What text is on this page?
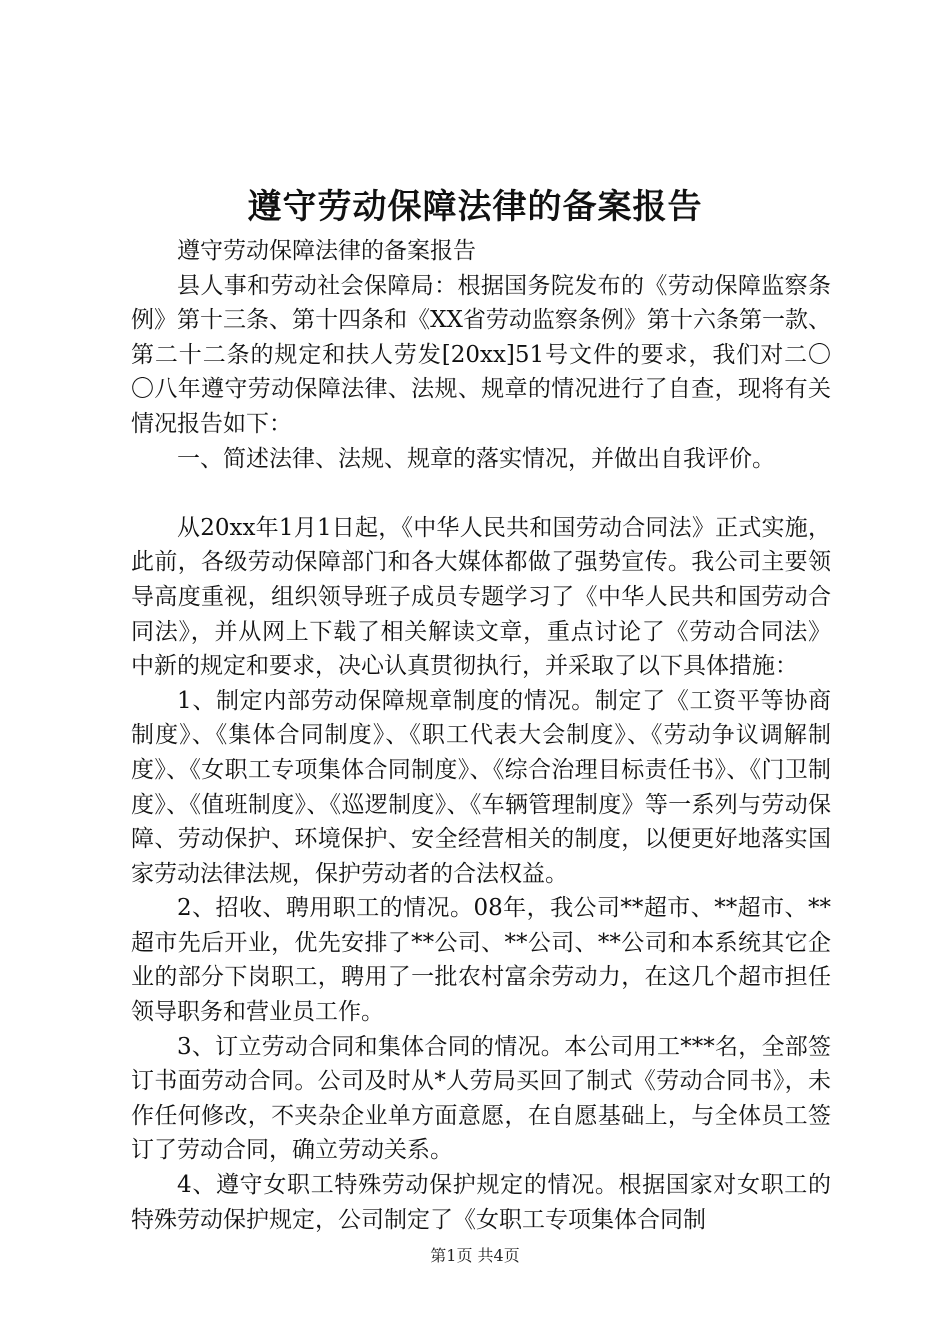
遵守劳动保障法律的备案报告

遵守劳动保障法律的备案报告

县人事和劳动社会保障局：根据国务院发布的《劳动保障监察条例》第十三条、第十四条和《XX省劳动监察条例》第十六条第一款、第二十二条的规定和扶人劳发[20xx]51号文件的要求，我们对二〇〇八年遵守劳动保障法律、法规、规章的情况进行了自查，现将有关情况报告如下：

一、简述法律、法规、规章的落实情况，并做出自我评价。

从20xx年1月1日起，《中华人民共和国劳动合同法》正式实施，此前，各级劳动保障部门和各大媒体都做了强势宣传。我公司主要领导高度重视，组织领导班子成员专题学习了《中华人民共和国劳动合同法》，并从网上下载了相关解读文章，重点讨论了《劳动合同法》中新的规定和要求，决心认真贯彻执行，并采取了以下具体措施：

1、制定内部劳动保障规章制度的情况。制定了《工资平等协商制度》、《集体合同制度》、《职工代表大会制度》、《劳动争议调解制度》、《女职工专项集体合同制度》、《综合治理目标责任书》、《门卫制度》、《值班制度》、《巡逻制度》、《车辆管理制度》等一系列与劳动保障、劳动保护、环境保护、安全经营相关的制度，以便更好地落实国家劳动法律法规，保护劳动者的合法权益。

2、招收、聘用职工的情况。08年，我公司**超市、**超市、**超市先后开业，优先安排了**公司、**公司、**公司和本系统其它企业的部分下岗职工，聘用了一批农村富余劳动力，在这几个超市担任领导职务和营业员工作。

3、订立劳动合同和集体合同的情况。本公司用工***名，全部签订书面劳动合同。公司及时从*人劳局买回了制式《劳动合同书》，未作任何修改，不夹杂企业单方面意愿，在自愿基础上，与全体员工签订了劳动合同，确立劳动关系。

4、遵守女职工特殊劳动保护规定的情况。根据国家对女职工的特殊劳动保护规定，公司制定了《女职工专项集体合同制

第1页 共4页
